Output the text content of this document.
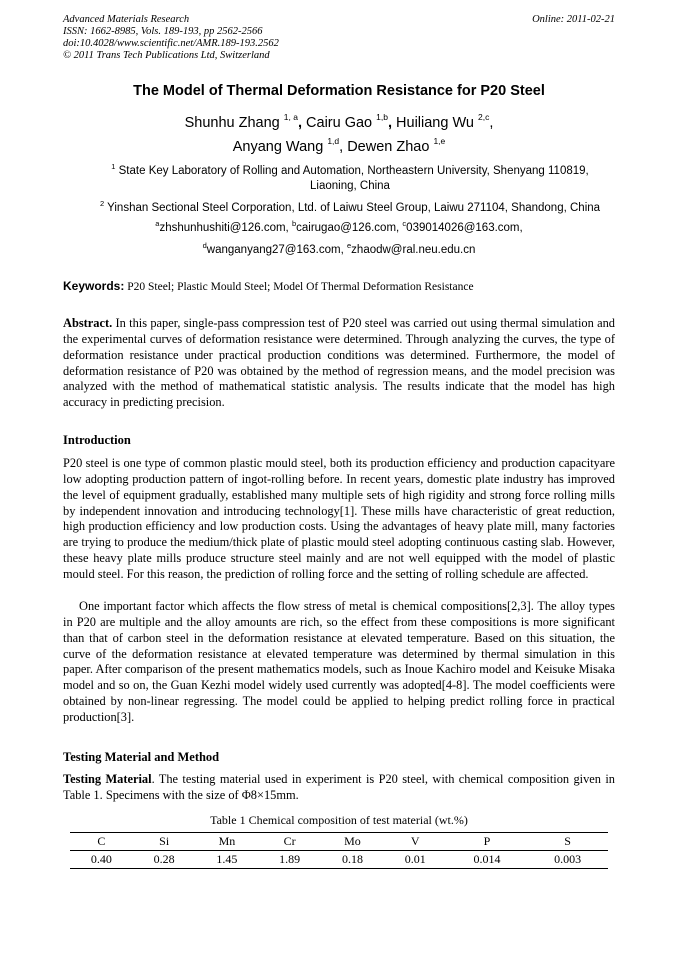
Advanced Materials Research
ISSN: 1662-8985, Vols. 189-193, pp 2562-2566
doi:10.4028/www.scientific.net/AMR.189-193.2562
© 2011 Trans Tech Publications Ltd, Switzerland
Online: 2011-02-21
The Model of Thermal Deformation Resistance for P20 Steel
Shunhu Zhang $^{1, a}$, Cairu Gao $^{1,b}$, Huiliang Wu $^{2,c}$,
Anyang Wang $^{1,d}$, Dewen Zhao $^{1,e}$
$^1$ State Key Laboratory of Rolling and Automation, Northeastern University, Shenyang 110819,
Liaoning, China
$^2$ Yinshan Sectional Steel Corporation, Ltd. of Laiwu Steel Group, Laiwu 271104, Shandong, China
$^a$zhshunhushiti@126.com, $^b$cairugao@126.com, $^c$039014026@163.com,
$^d$wanganyang27@163.com, $^e$zhaodw@ral.neu.edu.cn
Keywords: P20 Steel; Plastic Mould Steel; Model Of Thermal Deformation Resistance

Abstract. In this paper, single-pass compression test of P20 steel was carried out using thermal simulation and the experimental curves of deformation resistance were determined. Through analyzing the curves, the type of deformation resistance under practical production conditions was determined. Furthermore, the model of deformation resistance of P20 was obtained by the method of regression means, and the model precision was analyzed with the method of mathematical statistic analysis. The results indicate that the model has high accuracy in predicting precision.

Introduction

P20 steel is one type of common plastic mould steel, both its production efficiency and production capacityare low adopting production pattern of ingot-rolling before. In recent years, domestic plate industry has improved the level of equipment gradually, established many multiple sets of high rigidity and strong force rolling mills by independent innovation and introducing technology[1]. These mills have characteristic of great reduction, high production efficiency and low production costs. Using the advantages of heavy plate mill, many factories are trying to produce the medium/thick plate of plastic mould steel adopting continuous casting slab. However, these heavy plate mills produce structure steel mainly and are not well equipped with the model of plastic mould steel. For this reason, the prediction of rolling force and the setting of rolling schedule are affected.

One important factor which affects the flow stress of metal is chemical compositions[2,3]. The alloy types in P20 are multiple and the alloy amounts are rich, so the effect from these compositions is more significant than that of carbon steel in the deformation resistance at elevated temperature. Based on this situation, the curve of the deformation resistance at elevated temperature was determined by thermal simulation in this paper. After comparison of the present mathematics models, such as Inoue Kachiro model and Keisuke Misaka model and so on, the Guan Kezhi model widely used currently was adopted[4-8]. The model coefficients were obtained by non-linear regressing. The model could be applied to helping predict rolling force in practical production[3].

Testing Material and Method

Testing Material. The testing material used in experiment is P20 steel, with chemical composition given in Table 1. Specimens with the size of Φ8×15mm.

Table 1 Chemical composition of test material (wt.%)
C	Si	Mn	Cr	Mo	V	P	S
0.40	0.28	1.45	1.89	0.18	0.01	0.014	0.003
